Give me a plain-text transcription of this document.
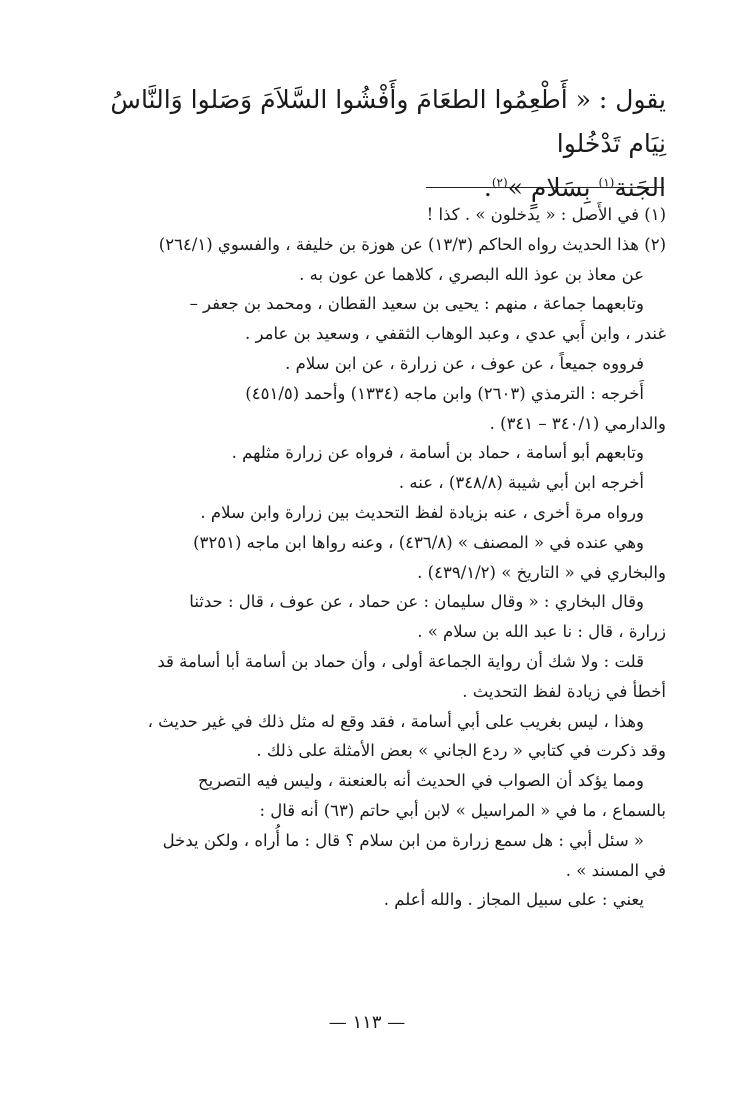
يقول : « أَطْعِمُوا الطعَامَ وأَفْشُوا السَّلاَمَ وَصَلوا وَالنَّاسُ نِيَام تَدْخُلوا

الجَنة$^{(١)}$ بِسَلامٍ »$^{(٢)}$.

(١) في الأَصل : « يدخلون » . كذا !

(٢) هذا الحديث رواه الحاكم (١٣/٣) عن هوزة بن خليفة ، والفسوي (٢٦٤/١)

عن معاذ بن عوذ الله البصري ، كلاهما عن عون به .

وتابعهما جماعة ، منهم : يحيى بن سعيد القطان ، ومحمد بن جعفر –

غندر ، وابن أَبي عدي ، وعبد الوهاب الثقفي ، وسعيد بن عامر .

فرووه جميعاً ، عن عوف ، عن زرارة ، عن ابن سلام .

أَخرجه : الترمذي (٢٦٠٣) وابن ماجه (١٣٣٤) وأحمد (٤٥١/٥)

والدارمي (٣٤٠/١ – ٣٤١) .

وتابعهم أبو أسامة ، حماد بن أسامة ، فرواه عن زرارة مثلهم .

أخرجه ابن أبي شيبة (٣٤٨/٨) ، عنه .

ورواه مرة أخرى ، عنه بزيادة لفظ التحديث بين زرارة وابن سلام .

وهي عنده في « المصنف » (٤٣٦/٨) ، وعنه رواها ابن ماجه (٣٢٥١)

والبخاري في « التاريخ » (٤٣٩/١/٢) .

وقال البخاري : « وقال سليمان : عن حماد ، عن عوف ، قال : حدثنا

زرارة ، قال : نا عبد الله بن سلام » .

قلت : ولا شك أن رواية الجماعة أولى ، وأن حماد بن أسامة أبا أسامة قد

أخطأ في زيادة لفظ التحديث .

وهذا ، ليس بغريب على أبي أسامة ، فقد وقع له مثل ذلك في غير حديث ،

وقد ذكرت في كتابي « ردع الجاني » بعض الأمثلة على ذلك .

ومما يؤكد أن الصواب في الحديث أنه بالعنعنة ، وليس فيه التصريح

بالسماع ، ما في « المراسيل » لابن أبي حاتم (٦٣) أنه قال :

« سئل أبي : هل سمع زرارة من ابن سلام ؟ قال : ما أُراه ، ولكن يدخل

في المسند » .

يعني : على سبيل المجاز . والله أعلم .

— ١١٣ —
